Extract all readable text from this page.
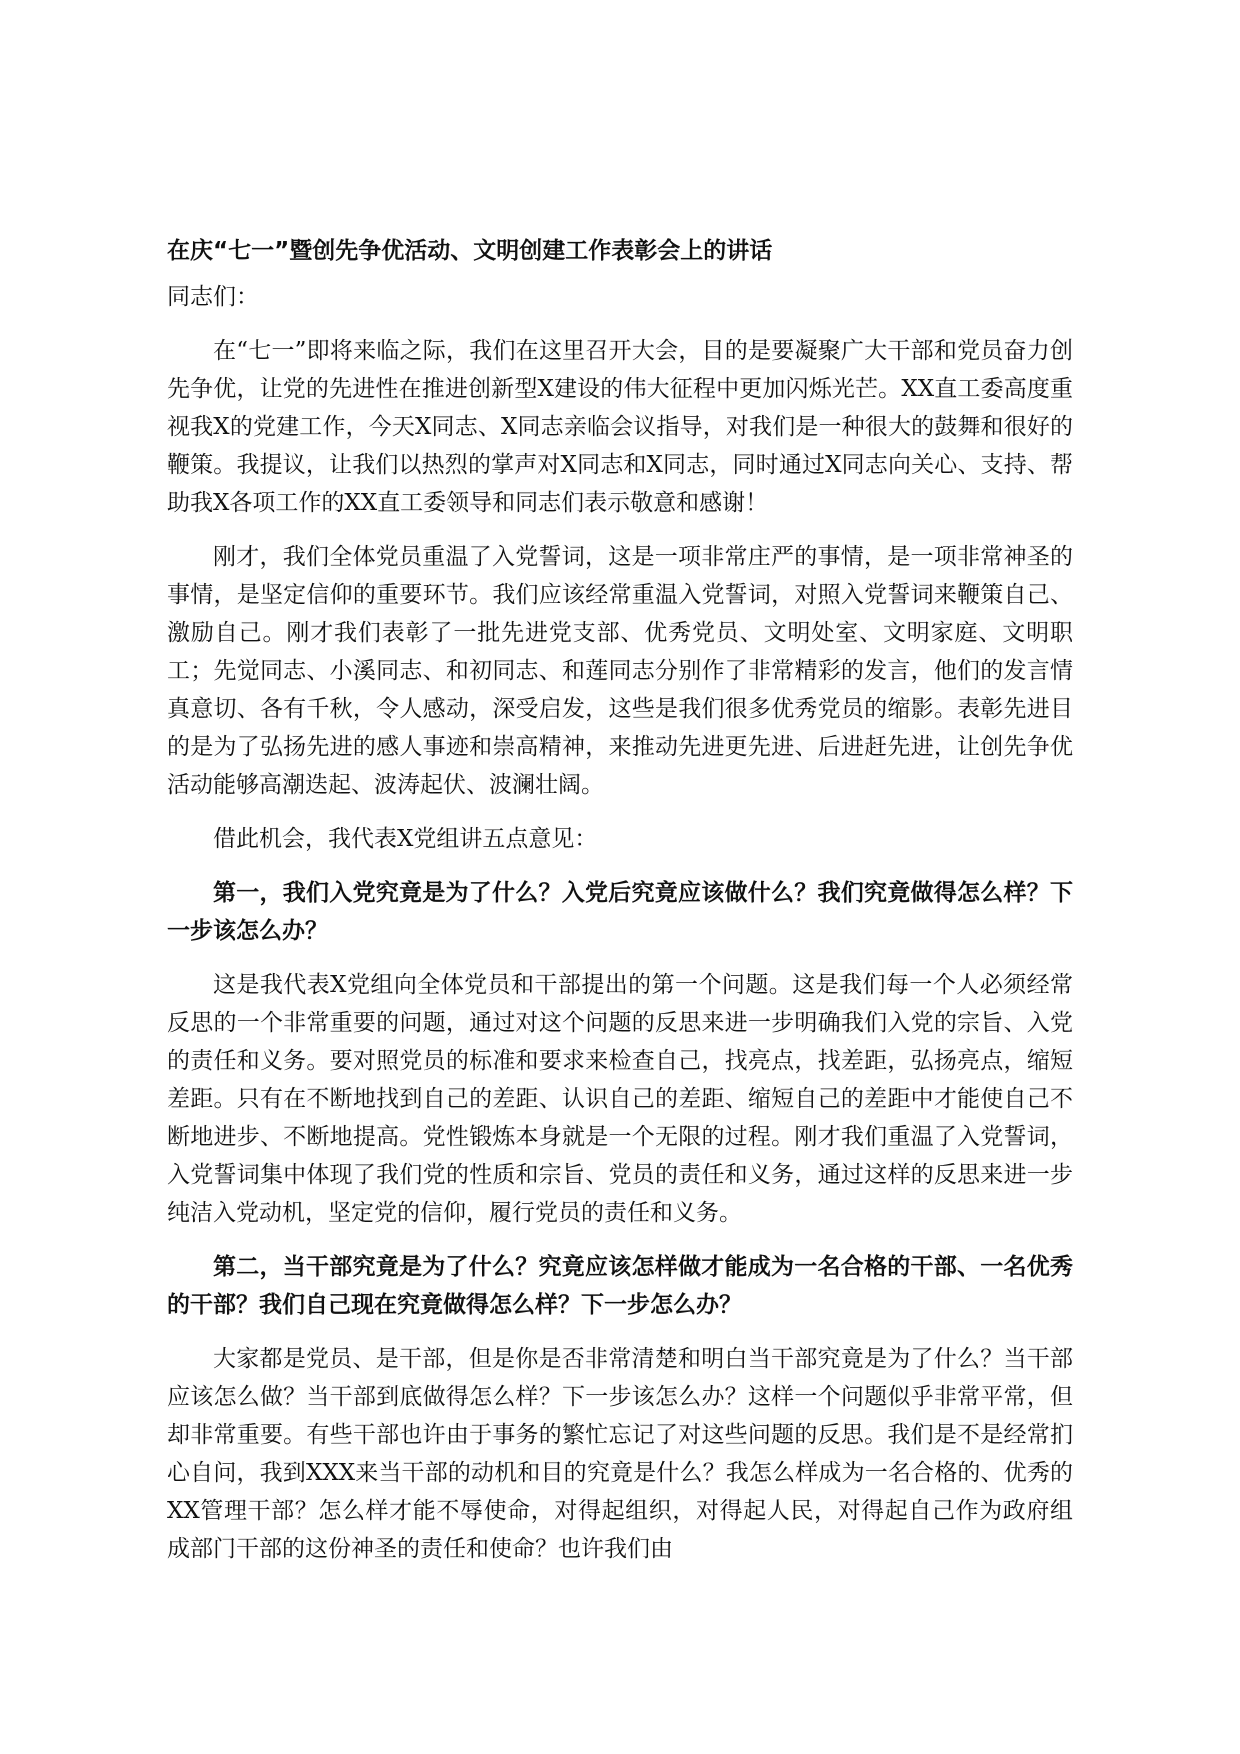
在庆“七一”暨创先争优活动、文明创建工作表彰会上的讲话
同志们：

在“七一”即将来临之际，我们在这里召开大会，目的是要凝聚广大干部和党员奋力创先争优，让党的先进性在推进创新型X建设的伟大征程中更加闪烁光芒。XX直工委高度重视我X的党建工作，今天X同志、X同志亲临会议指导，对我们是一种很大的鼓舞和很好的鞭策。我提议，让我们以热烈的掌声对X同志和X同志，同时通过X同志向关心、支持、帮助我X各项工作的XX直工委领导和同志们表示敬意和感谢！

刚才，我们全体党员重温了入党誓词，这是一项非常庄严的事情，是一项非常神圣的事情，是坚定信仰的重要环节。我们应该经常重温入党誓词，对照入党誓词来鞭策自己、激励自己。刚才我们表彰了一批先进党支部、优秀党员、文明处室、文明家庭、文明职工；先觉同志、小溪同志、和初同志、和莲同志分别作了非常精彩的发言，他们的发言情真意切、各有千秋，令人感动，深受启发，这些是我们很多优秀党员的缩影。表彰先进目的是为了弘扬先进的感人事迹和崇高精神，来推动先进更先进、后进赶先进，让创先争优活动能够高潮迭起、波涛起伏、波澜壮阔。

借此机会，我代表X党组讲五点意见：

第一，我们入党究竟是为了什么？入党后究竟应该做什么？我们究竟做得怎么样？下一步该怎么办？

这是我代表X党组向全体党员和干部提出的第一个问题。这是我们每一个人必须经常反思的一个非常重要的问题，通过对这个问题的反思来进一步明确我们入党的宗旨、入党的责任和义务。要对照党员的标准和要求来检查自己，找亮点，找差距，弘扬亮点，缩短差距。只有在不断地找到自己的差距、认识自己的差距、缩短自己的差距中才能使自己不断地进步、不断地提高。党性锻炼本身就是一个无限的过程。刚才我们重温了入党誓词，入党誓词集中体现了我们党的性质和宗旨、党员的责任和义务，通过这样的反思来进一步纯洁入党动机，坚定党的信仰，履行党员的责任和义务。

第二，当干部究竟是为了什么？究竟应该怎样做才能成为一名合格的干部、一名优秀的干部？我们自己现在究竟做得怎么样？下一步怎么办？

大家都是党员、是干部，但是你是否非常清楚和明白当干部究竟是为了什么？当干部应该怎么做？当干部到底做得怎么样？下一步该怎么办？这样一个问题似乎非常平常，但却非常重要。有些干部也许由于事务的繁忙忘记了对这些问题的反思。我们是不是经常扪心自问，我到XXX来当干部的动机和目的究竟是什么？我怎么样成为一名合格的、优秀的XX管理干部？怎么样才能不辱使命，对得起组织，对得起人民，对得起自己作为政府组成部门干部的这份神圣的责任和使命？也许我们由
